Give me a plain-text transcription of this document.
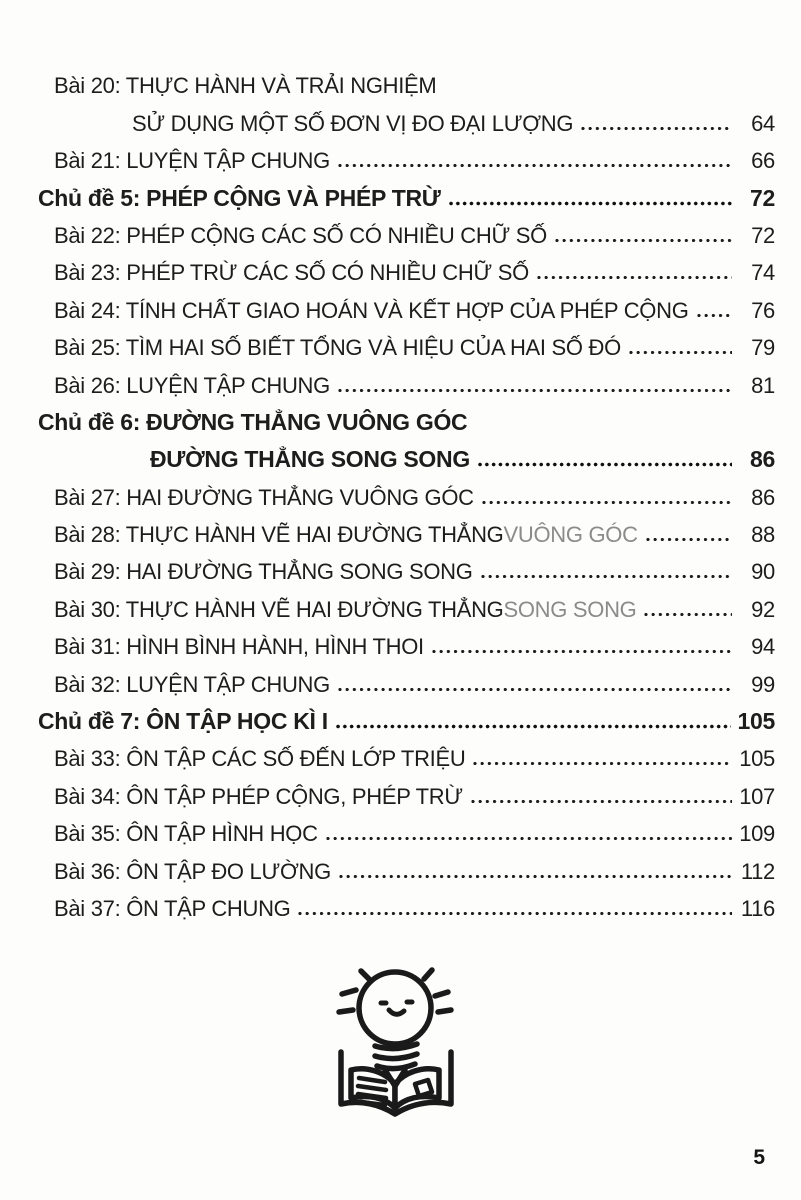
Bài 20: THỰC HÀNH VÀ TRẢI NGHIỆM
SỬ DỤNG MỘT SỐ ĐƠN VỊ ĐO ĐẠI LƯỢNG	64
Bài 21: LUYỆN TẬP CHUNG	66
Chủ đề 5: PHÉP CỘNG VÀ PHÉP TRỪ	72
Bài 22: PHÉP CỘNG CÁC SỐ CÓ NHIỀU CHỮ SỐ	72
Bài 23: PHÉP TRỪ CÁC SỐ CÓ NHIỀU CHỮ SỐ	74
Bài 24: TÍNH CHẤT GIAO HOÁN VÀ KẾT HỢP CỦA PHÉP CỘNG	76
Bài 25: TÌM HAI SỐ BIẾT TỔNG VÀ HIỆU CỦA HAI SỐ ĐÓ	79
Bài 26: LUYỆN TẬP CHUNG	81
Chủ đề 6: ĐƯỜNG THẲNG VUÔNG GÓC
ĐƯỜNG THẲNG SONG SONG	86
Bài 27: HAI ĐƯỜNG THẲNG VUÔNG GÓC	86
Bài 28: THỰC HÀNH VẼ HAI ĐƯỜNG THẲNG VUÔNG GÓC	88
Bài 29: HAI ĐƯỜNG THẲNG SONG SONG	90
Bài 30: THỰC HÀNH VẼ HAI ĐƯỜNG THẲNG SONG SONG	92
Bài 31: HÌNH BÌNH HÀNH, HÌNH THOI	94
Bài 32: LUYỆN TẬP CHUNG	99
Chủ đề 7: ÔN TẬP HỌC KÌ I	105
Bài 33: ÔN TẬP CÁC SỐ ĐẾN LỚP TRIỆU	105
Bài 34: ÔN TẬP PHÉP CỘNG, PHÉP TRỪ	107
Bài 35: ÔN TẬP HÌNH HỌC	109
Bài 36: ÔN TẬP ĐO LƯỜNG	112
Bài 37: ÔN TẬP CHUNG	116
5
